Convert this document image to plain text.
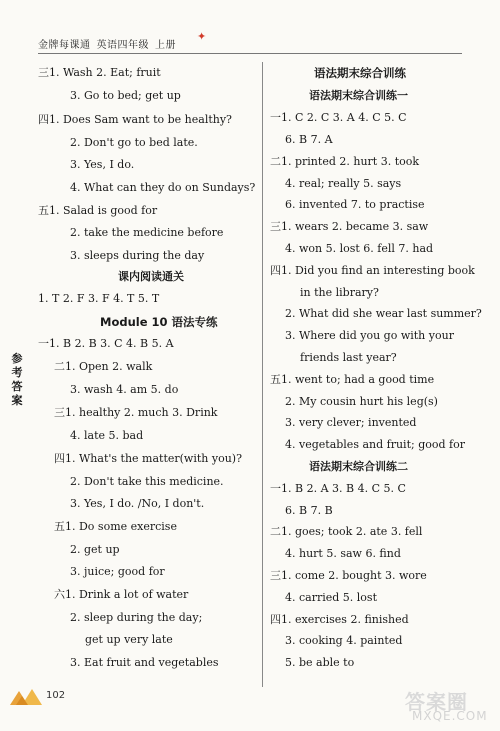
金牌每课通 英语四年级 上册
✦
参考答案
三1. Wash 2. Eat; fruit
3. Go to bed; get up
四1. Does Sam want to be healthy?
2. Don't go to bed late.
3. Yes, I do.
4. What can they do on Sundays?
五1. Salad is good for
2. take the medicine before
3. sleeps during the day
课内阅读通关
1. T 2. F 3. F 4. T 5. T
Module 10 语法专练
一1. B 2. B 3. C 4. B 5. A
二1. Open 2. walk
3. wash 4. am 5. do
三1. healthy 2. much 3. Drink
4. late 5. bad
四1. What's the matter(with you)?
2. Don't take this medicine.
3. Yes, I do. /No, I don't.
五1. Do some exercise
2. get up
3. juice; good for
六1. Drink a lot of water
2. sleep during the day;
get up very late
3. Eat fruit and vegetables
语法期末综合训练
语法期末综合训练一
一1. C 2. C 3. A 4. C 5. C
6. B 7. A
二1. printed 2. hurt 3. took
4. real; really 5. says
6. invented 7. to practise
三1. wears 2. became 3. saw
4. won 5. lost 6. fell 7. had
四1. Did you find an interesting book
in the library?
2. What did she wear last summer?
3. Where did you go with your
friends last year?
五1. went to; had a good time
2. My cousin hurt his leg(s)
3. very clever; invented
4. vegetables and fruit; good for
语法期末综合训练二
一1. B 2. A 3. B 4. C 5. C
6. B 7. B
二1. goes; took 2. ate 3. fell
4. hurt 5. saw 6. find
三1. come 2. bought 3. wore
4. carried 5. lost
四1. exercises 2. finished
3. cooking 4. painted
5. be able to
102	答案圈
MXQE.COM
